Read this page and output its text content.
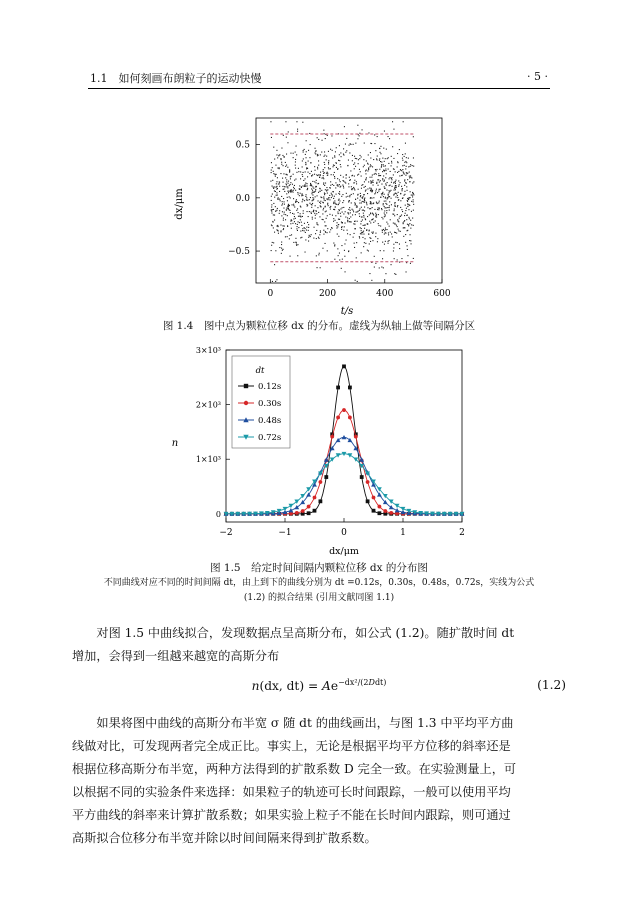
1.1　如何刻画布朗粒子的运动快慢	· 5 ·
0	200	400	600
0.5
0.0
−0.5
dx/μm
t/s
图 1.4　图中点为颗粒位移 dx 的分布。虚线为纵轴上做等间隔分区
−2	−1	0	1	2
3×10³
2×10³
1×10³
0
dt
0.12s
0.30s
0.48s
0.72s
n
dx/μm
图 1.5　给定时间间隔内颗粒位移 dx 的分布图
不同曲线对应不同的时间间隔 dt，由上到下的曲线分别为 dt =0.12s，0.30s，0.48s，0.72s，实线为公式
(1.2) 的拟合结果 (引用文献同图 1.1)
对图 1.5 中曲线拟合，发现数据点呈高斯分布，如公式 (1.2)。随扩散时间 dt
增加，会得到一组越来越宽的高斯分布
n(dx, $dt) = Ae^{-dx^2/(2Ddt)}$	(1.2)
如果将图中曲线的高斯分布半宽 σ 随 dt 的曲线画出，与图 1.3 中平均平方曲
线做对比，可发现两者完全成正比。事实上，无论是根据平均平方位移的斜率还是
根据位移高斯分布半宽，两种方法得到的扩散系数 D 完全一致。在实验测量上，可
以根据不同的实验条件来选择：如果粒子的轨迹可长时间跟踪，一般可以使用平均
平方曲线的斜率来计算扩散系数；如果实验上粒子不能在长时间内跟踪，则可通过
高斯拟合位移分布半宽并除以时间间隔来得到扩散系数。
